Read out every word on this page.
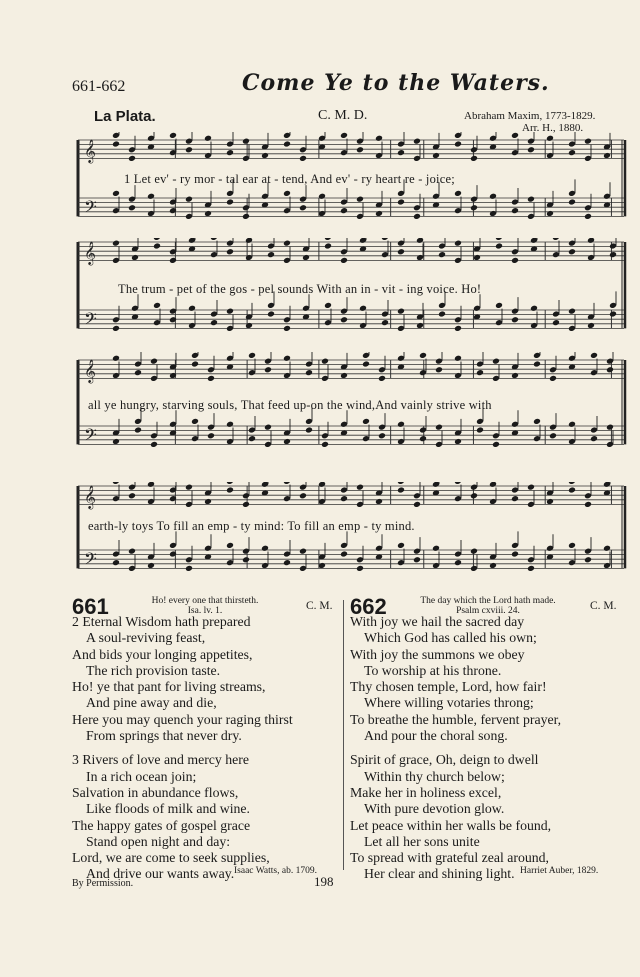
661-662	Come Ye to the Waters.
La Plata.	C. M. D.	Abraham Maxim, 1773-1829.
Arr. H., 1880.
𝄞
𝄢
1 Let ev' - ry mor - tal ear at - tend, And ev' - ry heart re - joice;
𝄞
𝄢
The trum - pet of the gos - pel sounds With an in - vit - ing voice. Ho!
𝄞
𝄢
all ye hungry, starving souls, That feed up-on the wind,And vainly strive with
𝄞
𝄢
earth-ly toys To fill an emp - ty mind: To fill an emp - ty mind.
661	Ho! every one that thirsteth.
Isa. lv. 1.	C. M.
2 Eternal Wisdom hath prepared
A soul-reviving feast,
And bids your longing appetites,
The rich provision taste.
Ho! ye that pant for living streams,
And pine away and die,
Here you may quench your raging thirst
From springs that never dry.
3 Rivers of love and mercy here
In a rich ocean join;
Salvation in abundance flows,
Like floods of milk and wine.
The happy gates of gospel grace
Stand open night and day:
Lord, we are come to seek supplies,
And drive our wants away. Isaac Watts, ab. 1709.
662	The day which the Lord hath made.
Psalm cxviii. 24.	C. M.
With joy we hail the sacred day
Which God has called his own;
With joy the summons we obey
To worship at his throne.
Thy chosen temple, Lord, how fair!
Where willing votaries throng;
To breathe the humble, fervent prayer,
And pour the choral song.
Spirit of grace, Oh, deign to dwell
Within thy church below;
Make her in holiness excel,
With pure devotion glow.
Let peace within her walls be found,
Let all her sons unite
To spread with grateful zeal around,
Her clear and shining light. Harriet Auber, 1829.
By Permission.	198
